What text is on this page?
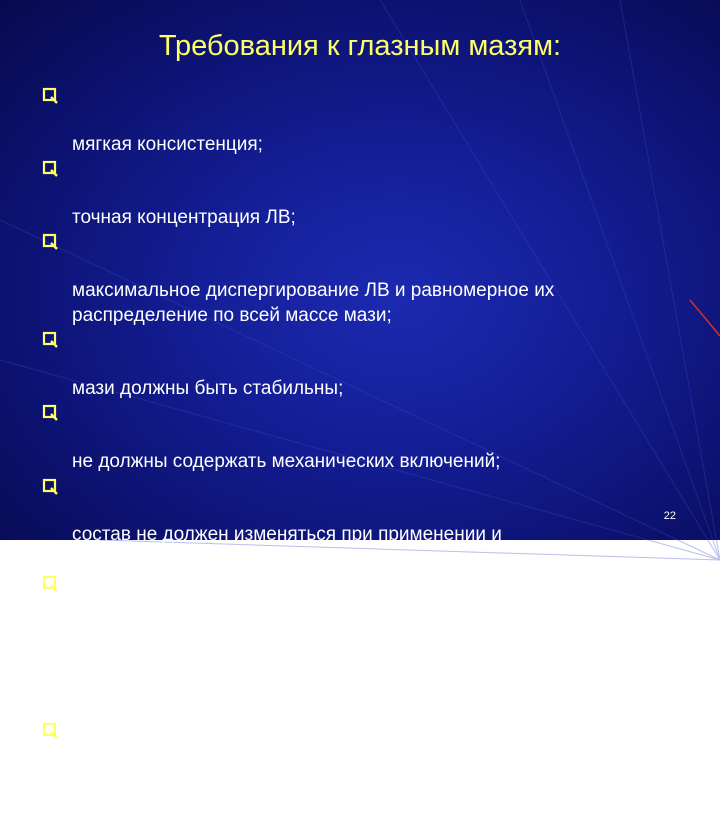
Требования к глазным мазям:

мягкая консистенция;

точная концентрация ЛВ;

максимальное диспергирование ЛВ и равномерное их
распределение по всей массе мази;

мази должны быть стабильны;

не должны содержать механических включений;

состав не должен изменяться при применении и
хранении;

мазевая основа не должна содержать каких-либо
посторонних примесей, должна быть нейтральной,
стерильной, равномерно распределяться по слизистой
оболочке глаза

глазные мази необходимо готовить с соблюдением
условий асептики.

22
